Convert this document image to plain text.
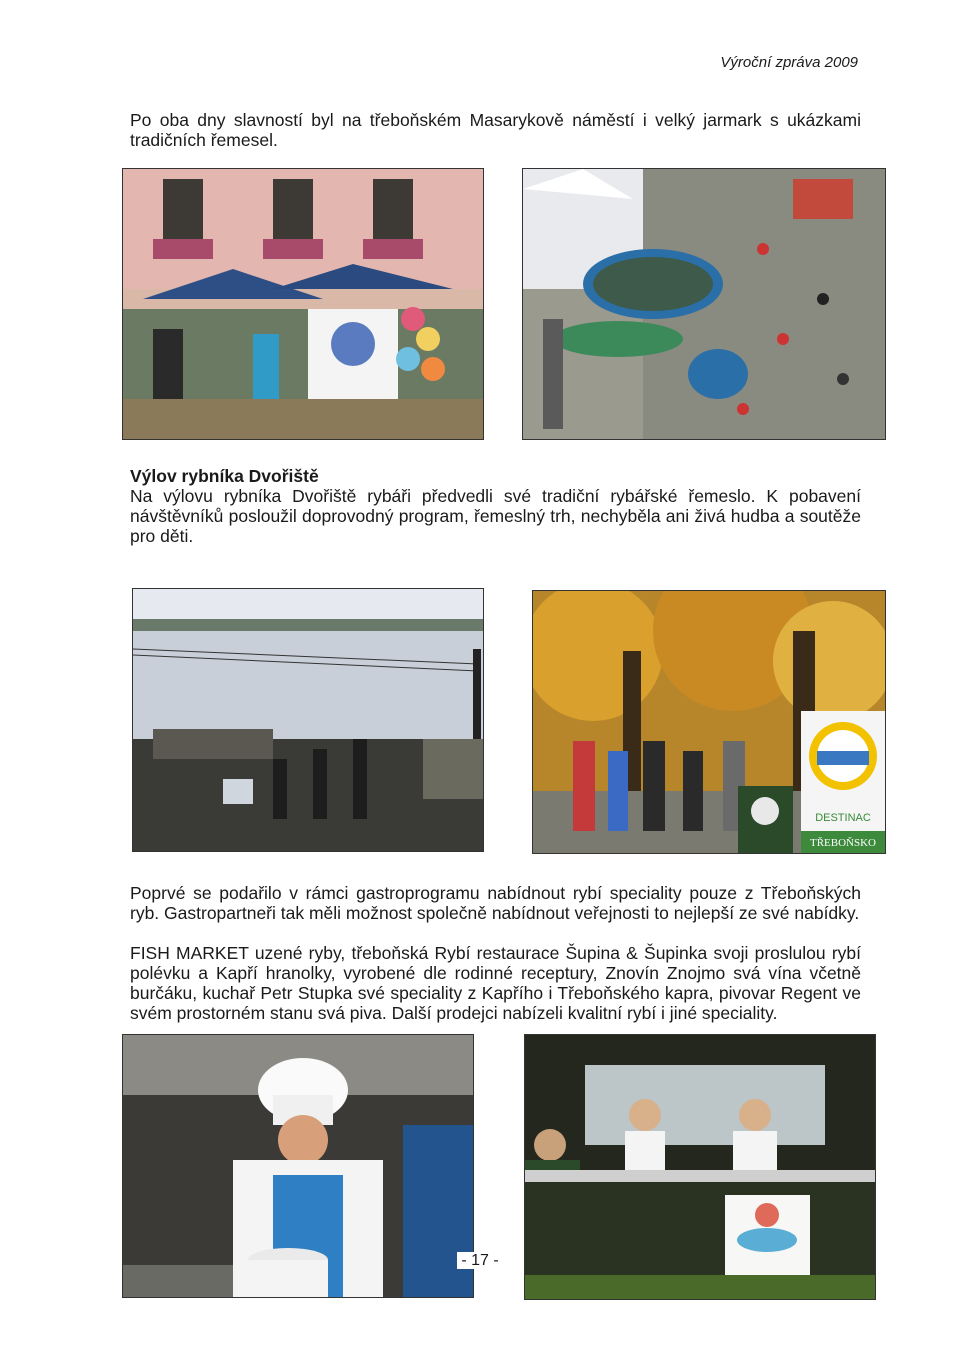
Výroční zpráva 2009

Po oba dny slavností byl na třeboňském Masarykově náměstí i velký jarmark s ukázkami tradičních řemesel.

Výlov rybníka Dvořiště
Na výlovu rybníka Dvořiště rybáři předvedli své tradiční rybářské řemeslo. K pobavení návštěvníků posloužil doprovodný program, řemeslný trh, nechyběla ani živá hudba a soutěže pro děti.

DESTINAC
TŘEBOŇSKO

Poprvé se podařilo v rámci gastroprogramu nabídnout rybí speciality pouze z Třeboňských ryb. Gastropartneři tak měli možnost společně nabídnout veřejnosti to nejlepší ze své nabídky.

FISH MARKET uzené ryby, třeboňská Rybí restaurace Šupina & Šupinka svoji proslulou rybí polévku a Kapří hranolky, vyrobené dle rodinné receptury, Znovín Znojmo svá vína včetně burčáku, kuchař Petr Stupka své speciality z Kapřího i Třeboňského kapra, pivovar Regent ve svém prostorném stanu svá piva. Další prodejci nabízeli kvalitní rybí i jiné speciality.

- 17 -
